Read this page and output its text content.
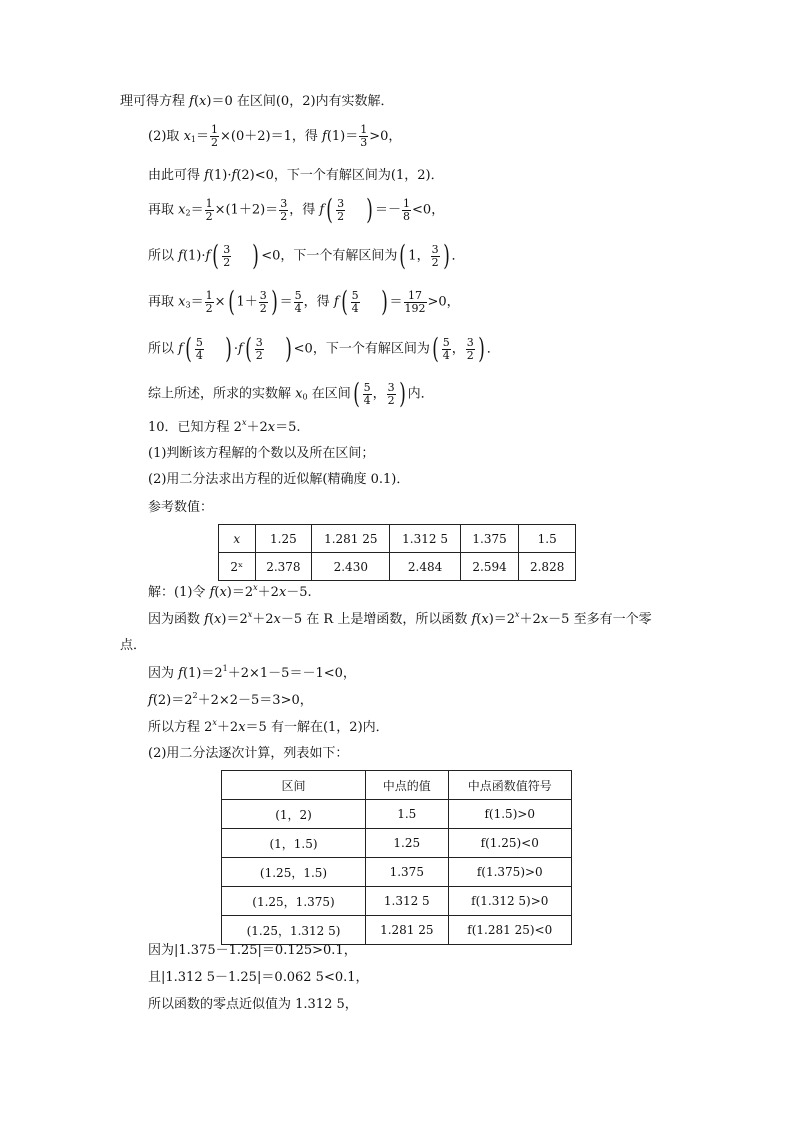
理可得方程 f(x)＝0 在区间(0，2)内有实数解．
(2)取 $x_1= \frac{1}{2} \times(0+2)=1$，得 $f(1)= \frac{1}{3} >0$，
由此可得 f(1)·f(2)<0，下一个有解区间为(1，2)．
再取 $x_2= \frac{1}{2} \times(1+2)= \frac{3}{2}$ ，得 $f( \frac{3}{2}$ ) ＝－ $\frac{1}{8} <0$，
所以 $f(1)\cdot f( \frac{3}{2}$ ) <0，下一个有解区间为( 1， $\frac{3}{2}$ ) ．
再取 $x_3= \frac{1}{2}$ ×( $1+ \frac{3}{2}$ ) ＝ $\frac{5}{4}$ ，得 $f( \frac{5}{4}$ ) ＝ $\frac{17}{192} >0$，
所以 $f( \frac{5}{4}$ ) $\cdot f( \frac{3}{2}$ ) <0，下一个有解区间为( $\frac{5}{4}$ ， $\frac{3}{2}$ ) ．
综上所述，所求的实数解 $x_0$ 在区间( $\frac{5}{4}$ ， $\frac{3}{2}$ ) 内．
10．已知方程 $2^x+2x=5$.
(1)判断该方程解的个数以及所在区间；
(2)用二分法求出方程的近似解(精确度 0.1)．
参考数值：
x	1.25	1.281 25	1.312 5	1.375	1.5
2ˣ	2.378	2.430	2.484	2.594	2.828
解：(1)令 $f(x)=2^x+2x-5$.
因为函数 $f(x)=2^x+2x-5$ 在 R 上是增函数，所以函数 $f(x)=2^x+2x-5$ 至多有一个零
点．
因为 $f(1)=2^1+2\times 1-5=-1<0$，
$f(2)=2^2+2\times 2-5=3>0$，
所以方程 $2^x+2x=5$ 有一解在(1，2)内．
(2)用二分法逐次计算，列表如下：
区间	中点的值	中点函数值符号
(1，2)	1.5	f(1.5)>0
(1，1.5)	1.25	f(1.25)<0
(1.25，1.5)	1.375	f(1.375)>0
(1.25，1.375)	1.312 5	f(1.312 5)>0
(1.25，1.312 5)	1.281 25	f(1.281 25)<0
因为|1.375－1.25|＝0.125>0.1，
且|1.312 5－1.25|＝0.062 5<0.1，
所以函数的零点近似值为 1.312 5，
